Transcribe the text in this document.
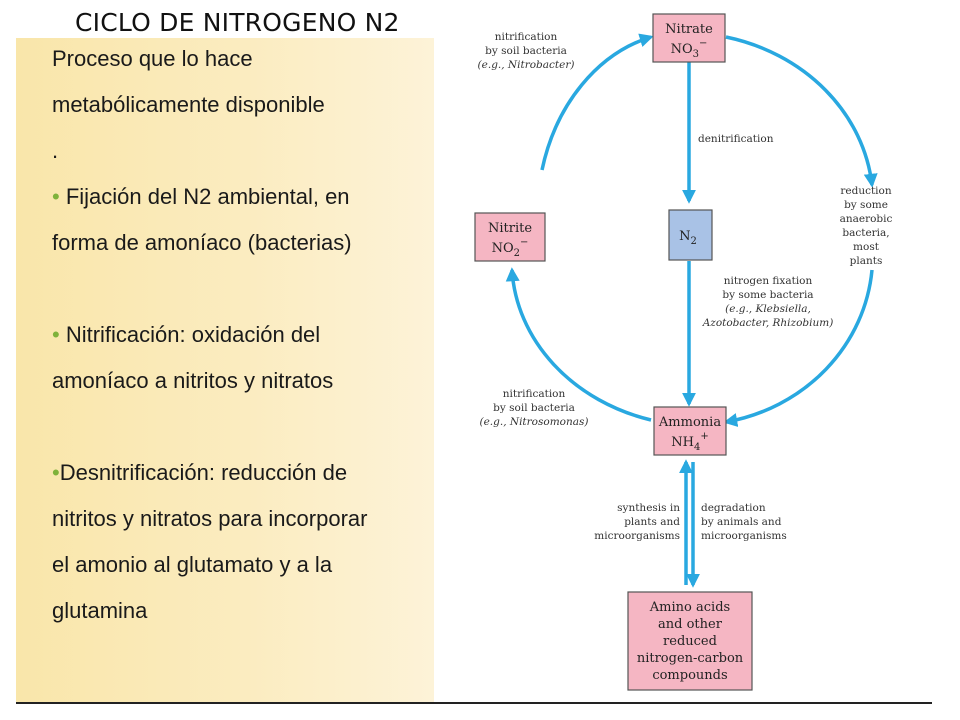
CICLO DE NITROGENO N2
Proceso que lo hace
metabólicamente disponible
.
• Fijación del N2 ambiental, en
forma de amoníaco (bacterias)
• Nitrificación: oxidación del
amoníaco a nitritos y nitratos
•Desnitrificación: reducción de
nitritos y nitratos para incorporar
el amonio al glutamato y a la
glutamina
Nitrate
$NO_3^-$
Nitrite
$NO_2^-$	$N_2$
Ammonia
$NH_4^+$
Amino acids
and other
reduced
nitrogen-carbon
compounds
nitrification
by soil bacteria
(e.g., Nitrobacter)
denitrification
reduction
by some
anaerobic
bacteria,
most
plants
nitrogen fixation
by some bacteria
(e.g., Klebsiella,
Azotobacter, Rhizobium)
nitrification
by soil bacteria
(e.g., Nitrosomonas)
synthesis in
plants and
microorganisms
degradation
by animals and
microorganisms
